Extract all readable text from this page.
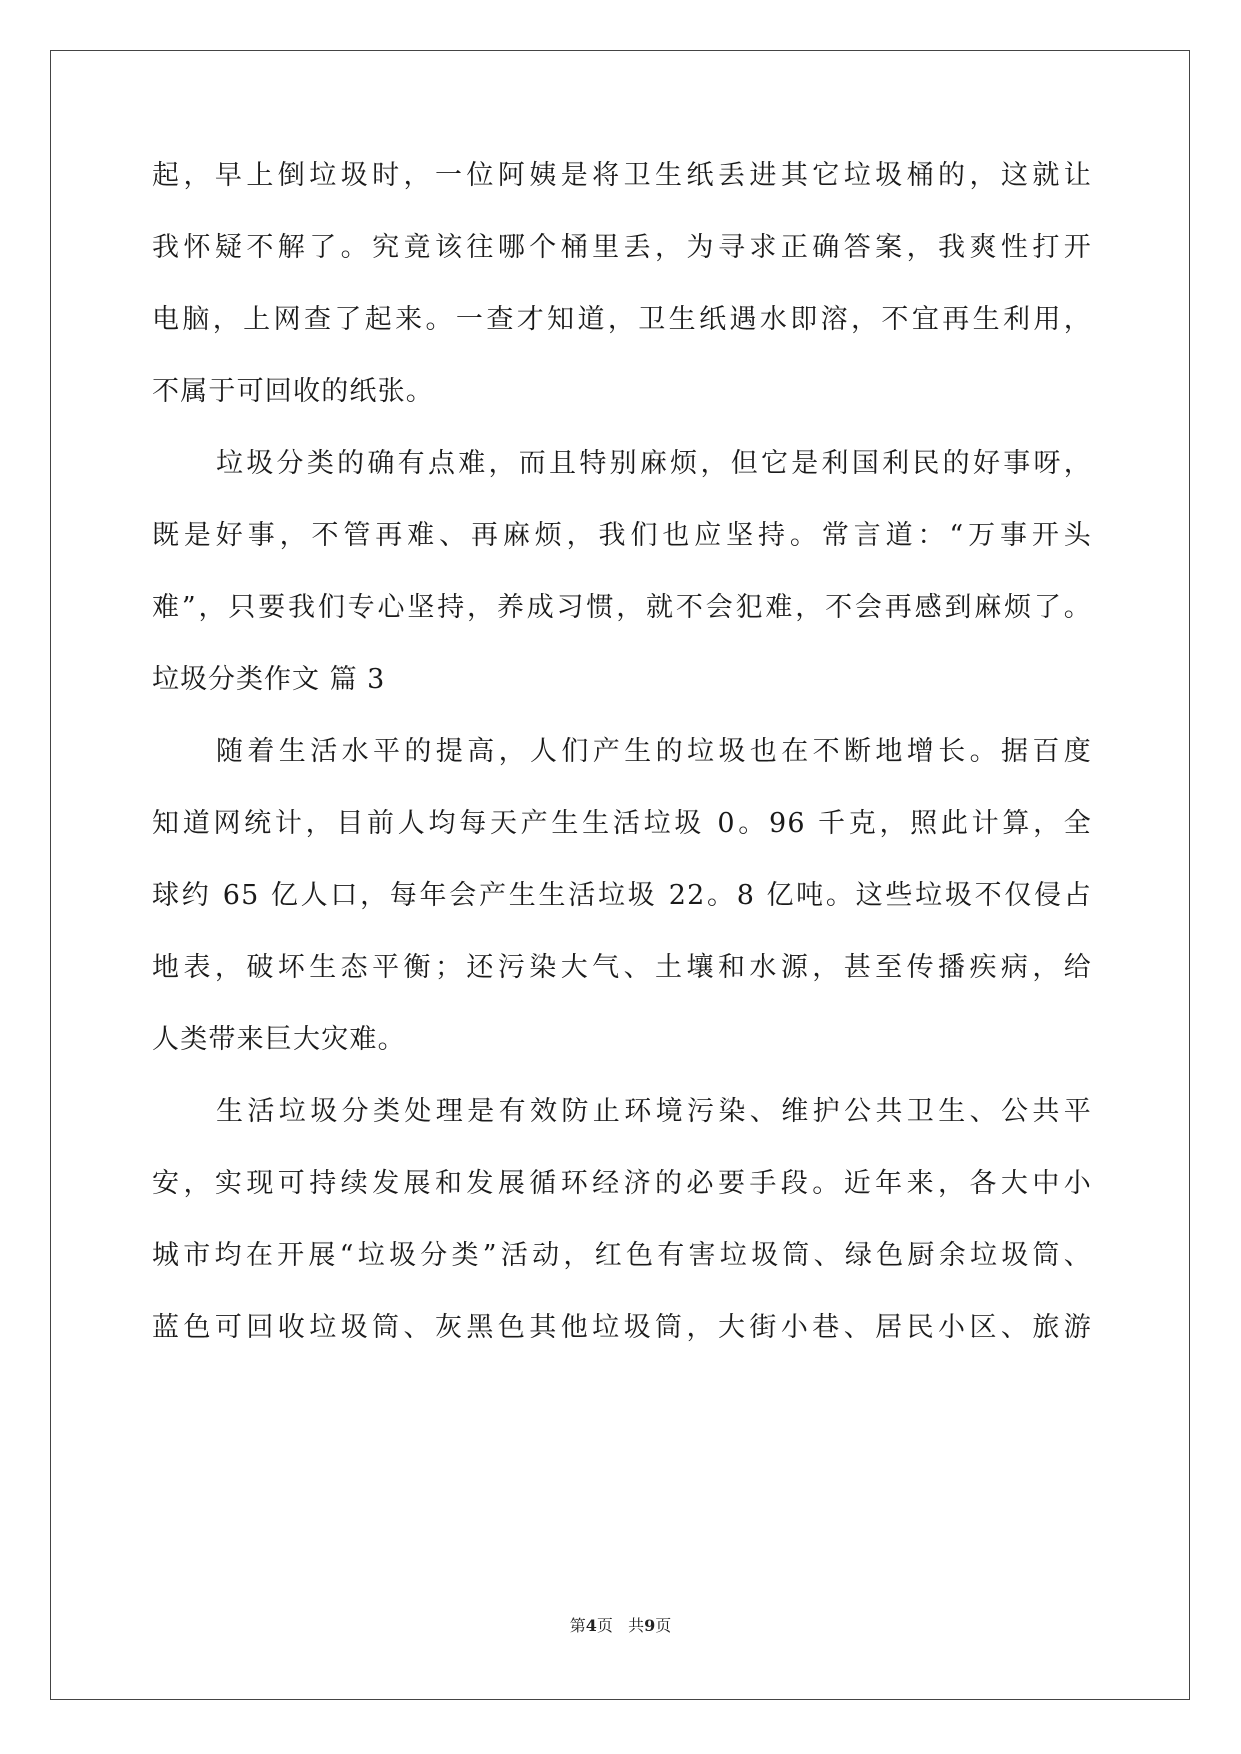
起，早上倒垃圾时，一位阿姨是将卫生纸丢进其它垃圾桶的，这就让
我怀疑不解了。究竟该往哪个桶里丢，为寻求正确答案，我爽性打开
电脑，上网查了起来。一查才知道，卫生纸遇水即溶，不宜再生利用，
不属于可回收的纸张。
垃圾分类的确有点难，而且特别麻烦，但它是利国利民的好事呀，
既是好事，不管再难、再麻烦，我们也应坚持。常言道：“万事开头
难”，只要我们专心坚持，养成习惯，就不会犯难，不会再感到麻烦了。
垃圾分类作文 篇 3
随着生活水平的提高，人们产生的垃圾也在不断地增长。据百度
知道网统计，目前人均每天产生生活垃圾 0。96 千克，照此计算，全
球约 65 亿人口，每年会产生生活垃圾 22。8 亿吨。这些垃圾不仅侵占
地表，破坏生态平衡；还污染大气、土壤和水源，甚至传播疾病，给
人类带来巨大灾难。
生活垃圾分类处理是有效防止环境污染、维护公共卫生、公共平
安，实现可持续发展和发展循环经济的必要手段。近年来，各大中小
城市均在开展“垃圾分类”活动，红色有害垃圾筒、绿色厨余垃圾筒、
蓝色可回收垃圾筒、灰黑色其他垃圾筒，大街小巷、居民小区、旅游
第4页 共9页
